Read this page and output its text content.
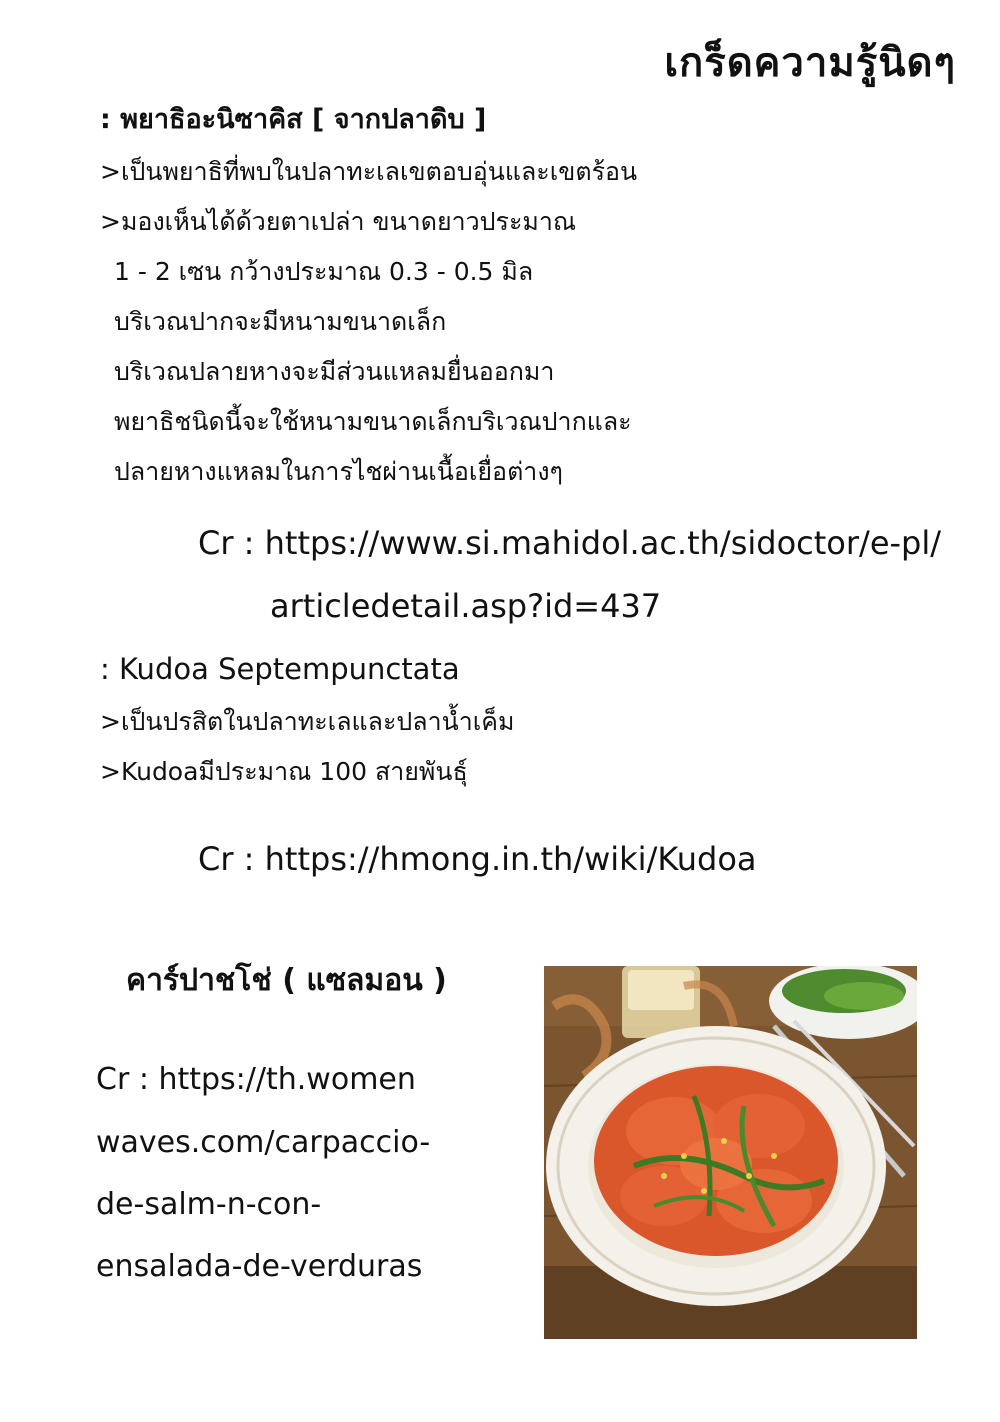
เกร็ดความรู้นิดๆ
: พยาธิอะนิซาคิส [ จากปลาดิบ ]
>เป็นพยาธิที่พบในปลาทะเลเขตอบอุ่นและเขตร้อน
>มองเห็นได้ด้วยตาเปล่า ขนาดยาวประมาณ
1 - 2 เซน กว้างประมาณ 0.3 - 0.5 มิล
บริเวณปากจะมีหนามขนาดเล็ก
บริเวณปลายหางจะมีส่วนแหลมยื่นออกมา
พยาธิชนิดนี้จะใช้หนามขนาดเล็กบริเวณปากและ
ปลายหางแหลมในการไชผ่านเนื้อเยื่อต่างๆ
Cr : https://www.si.mahidol.ac.th/sidoctor/e-pl/
articledetail.asp?id=437
: Kudoa Septempunctata
>เป็นปรสิตในปลาทะเลและปลาน้ำเค็ม
>Kudoaมีประมาณ 100 สายพันธุ์
Cr : https://hmong.in.th/wiki/Kudoa
คาร์ปาชโช่ ( แซลมอน )
Cr : https://th.women
waves.com/carpaccio-
de-salm-n-con-
ensalada-de-verduras
